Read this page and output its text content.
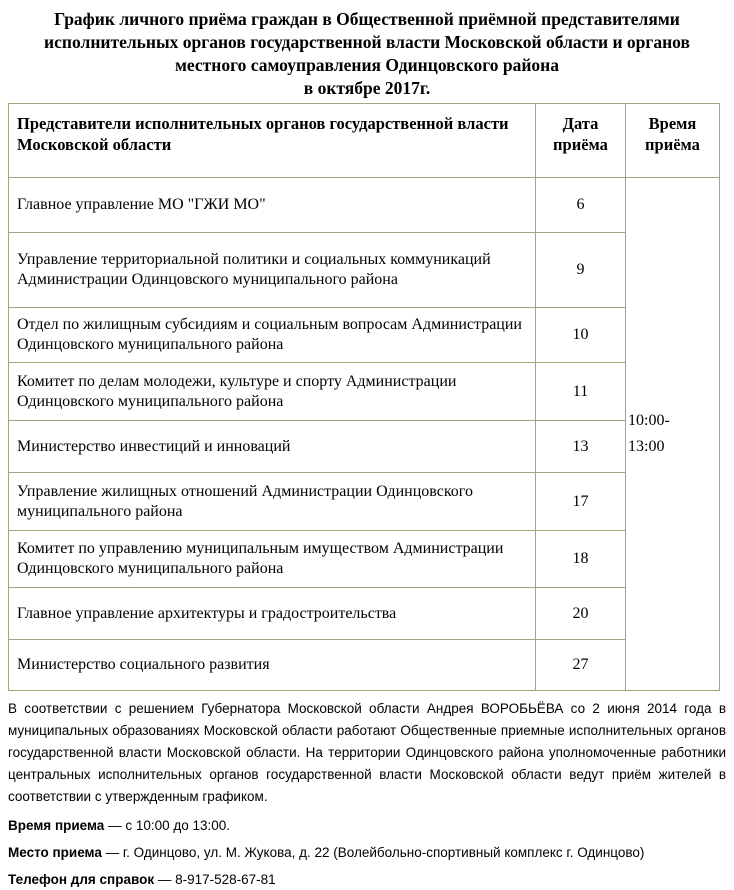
График личного приёма граждан в Общественной приёмной представителями
исполнительных органов государственной власти Московской области и органов
местного самоуправления Одинцовского района
в октябре 2017г.
Представители исполнительных органов государственной власти Московской области	Дата приёма	Время приёма
Главное управление МО "ГЖИ МО"	6	10:00-13:00
Управление территориальной политики и социальных коммуникаций Администрации Одинцовского муниципального района	9	
Отдел по жилищным субсидиям и социальным вопросам Администрации Одинцовского муниципального района	10	
Комитет по делам молодежи, культуре и спорту Администрации Одинцовского муниципального района	11	
Министерство инвестиций и инноваций	13	
Управление жилищных отношений Администрации Одинцовского муниципального района	17	
Комитет по управлению муниципальным имуществом Администрации Одинцовского муниципального района	18	
Главное управление архитектуры и градостроительства	20	
Министерство социального развития	27	
В соответствии с решением Губернатора Московской области Андрея ВОРОБЬЁВА со 2 июня 2014 года в муниципальных образованиях Московской области работают Общественные приемные исполнительных органов государственной власти Московской области. На территории Одинцовского района уполномоченные работники центральных исполнительных органов государственной власти Московской области ведут приём жителей в соответствии с утвержденным графиком.
Время приема — с 10:00 до 13:00.
Место приема — г. Одинцово, ул. М. Жукова, д. 22 (Волейбольно-спортивный комплекс г. Одинцово)
Телефон для справок — 8-917-528-67-81
